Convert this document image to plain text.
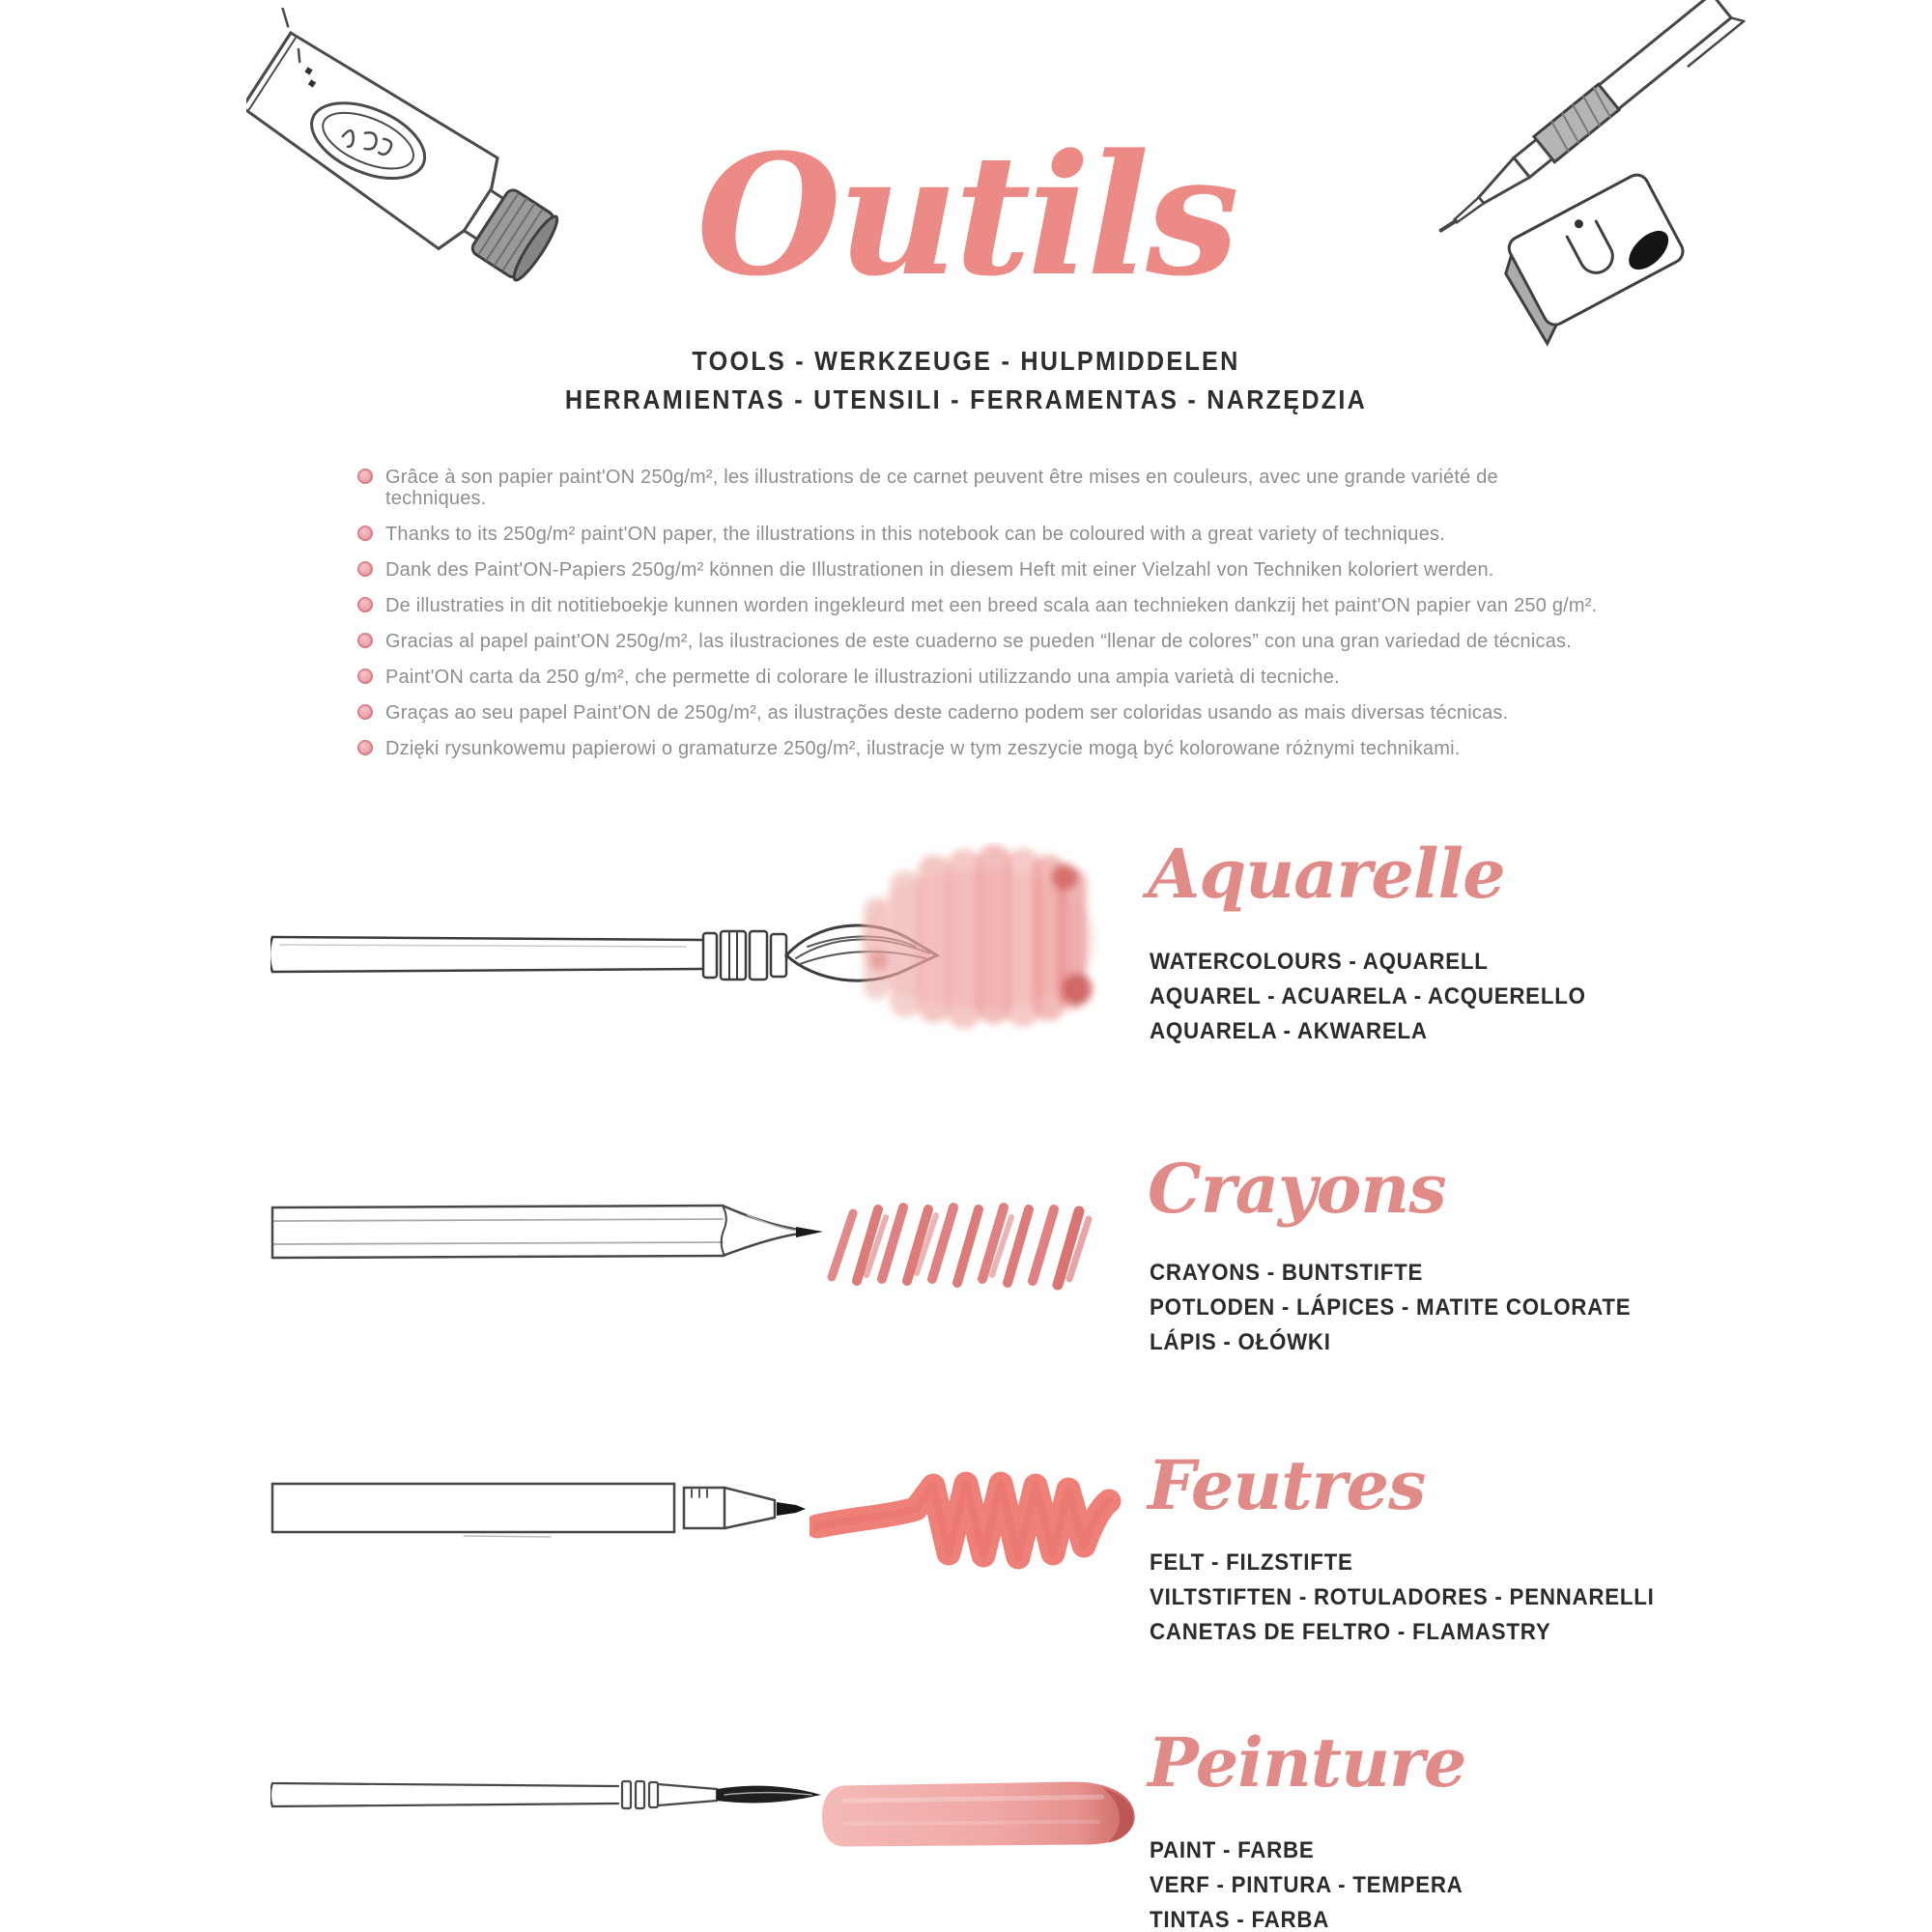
Outils
TOOLS - WERKZEUGE - HULPMIDDELEN
HERRAMIENTAS - UTENSILI - FERRAMENTAS - NARZĘDZIA
Grâce à son papier paint'ON 250g/m², les illustrations de ce carnet peuvent être mises en couleurs, avec une grande variété de techniques.
Thanks to its 250g/m² paint'ON paper, the illustrations in this notebook can be coloured with a great variety of techniques.
Dank des Paint'ON-Papiers 250g/m² können die Illustrationen in diesem Heft mit einer Vielzahl von Techniken koloriert werden.
De illustraties in dit notitieboekje kunnen worden ingekleurd met een breed scala aan technieken dankzij het paint'ON papier van 250 g/m².
Gracias al papel paint'ON 250g/m², las ilustraciones de este cuaderno se pueden “llenar de colores” con una gran variedad de técnicas.
Paint'ON carta da 250 g/m², che permette di colorare le illustrazioni utilizzando una ampia varietà di tecniche.
Graças ao seu papel Paint'ON de 250g/m², as ilustrações deste caderno podem ser coloridas usando as mais diversas técnicas.
Dzięki rysunkowemu papierowi o gramaturze 250g/m², ilustracje w tym zeszycie mogą być kolorowane różnymi technikami.
Aquarelle
WATERCOLOURS - AQUARELL
AQUAREL - ACUARELA - ACQUERELLO
AQUARELA - AKWARELA
Crayons
CRAYONS - BUNTSTIFTE
POTLODEN - LÁPICES - MATITE COLORATE
LÁPIS - OŁÓWKI
Feutres
FELT - FILZSTIFTE
VILTSTIFTEN - ROTULADORES - PENNARELLI
CANETAS DE FELTRO - FLAMASTRY
Peinture
PAINT - FARBE
VERF - PINTURA - TEMPERA
TINTAS - FARBA
